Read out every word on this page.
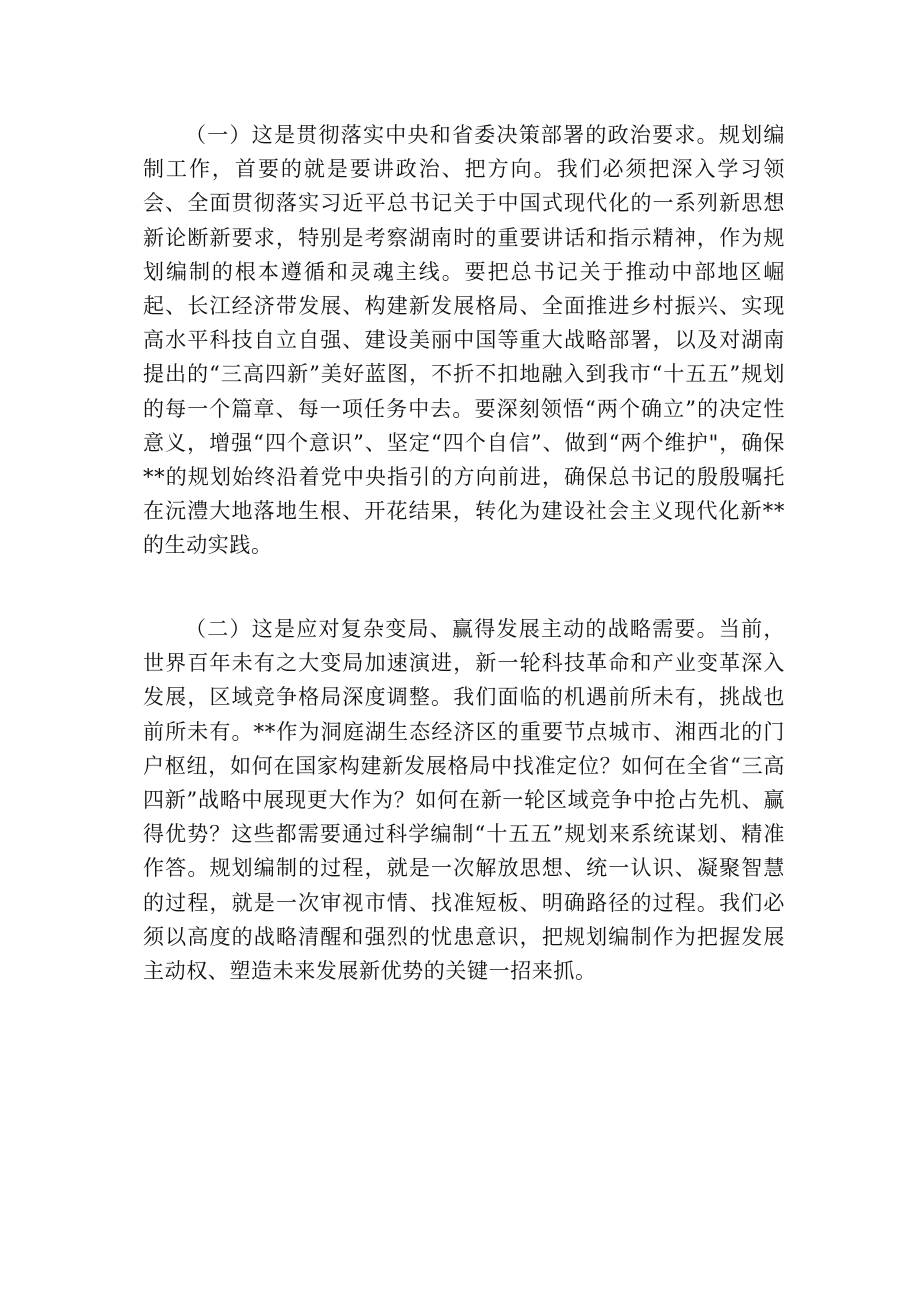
（一）这是贯彻落实中央和省委决策部署的政治要求。规划编制工作，首要的就是要讲政治、把方向。我们必须把深入学习领会、全面贯彻落实习近平总书记关于中国式现代化的一系列新思想新论断新要求，特别是考察湖南时的重要讲话和指示精神，作为规划编制的根本遵循和灵魂主线。要把总书记关于推动中部地区崛起、长江经济带发展、构建新发展格局、全面推进乡村振兴、实现高水平科技自立自强、建设美丽中国等重大战略部署，以及对湖南提出的“三高四新”美好蓝图，不折不扣地融入到我市“十五五”规划的每一个篇章、每一项任务中去。要深刻领悟“两个确立”的决定性意义，增强“四个意识”、坚定“四个自信”、做到“两个维护"，确保**的规划始终沿着党中央指引的方向前进，确保总书记的殷殷嘱托在沅澧大地落地生根、开花结果，转化为建设社会主义现代化新**的生动实践。

（二）这是应对复杂变局、赢得发展主动的战略需要。当前，世界百年未有之大变局加速演进，新一轮科技革命和产业变革深入发展，区域竞争格局深度调整。我们面临的机遇前所未有，挑战也前所未有。**作为洞庭湖生态经济区的重要节点城市、湘西北的门户枢纽，如何在国家构建新发展格局中找准定位？如何在全省“三高四新”战略中展现更大作为？如何在新一轮区域竞争中抢占先机、赢得优势？这些都需要通过科学编制“十五五”规划来系统谋划、精准作答。规划编制的过程，就是一次解放思想、统一认识、凝聚智慧的过程，就是一次审视市情、找准短板、明确路径的过程。我们必须以高度的战略清醒和强烈的忧患意识，把规划编制作为把握发展主动权、塑造未来发展新优势的关键一招来抓。
